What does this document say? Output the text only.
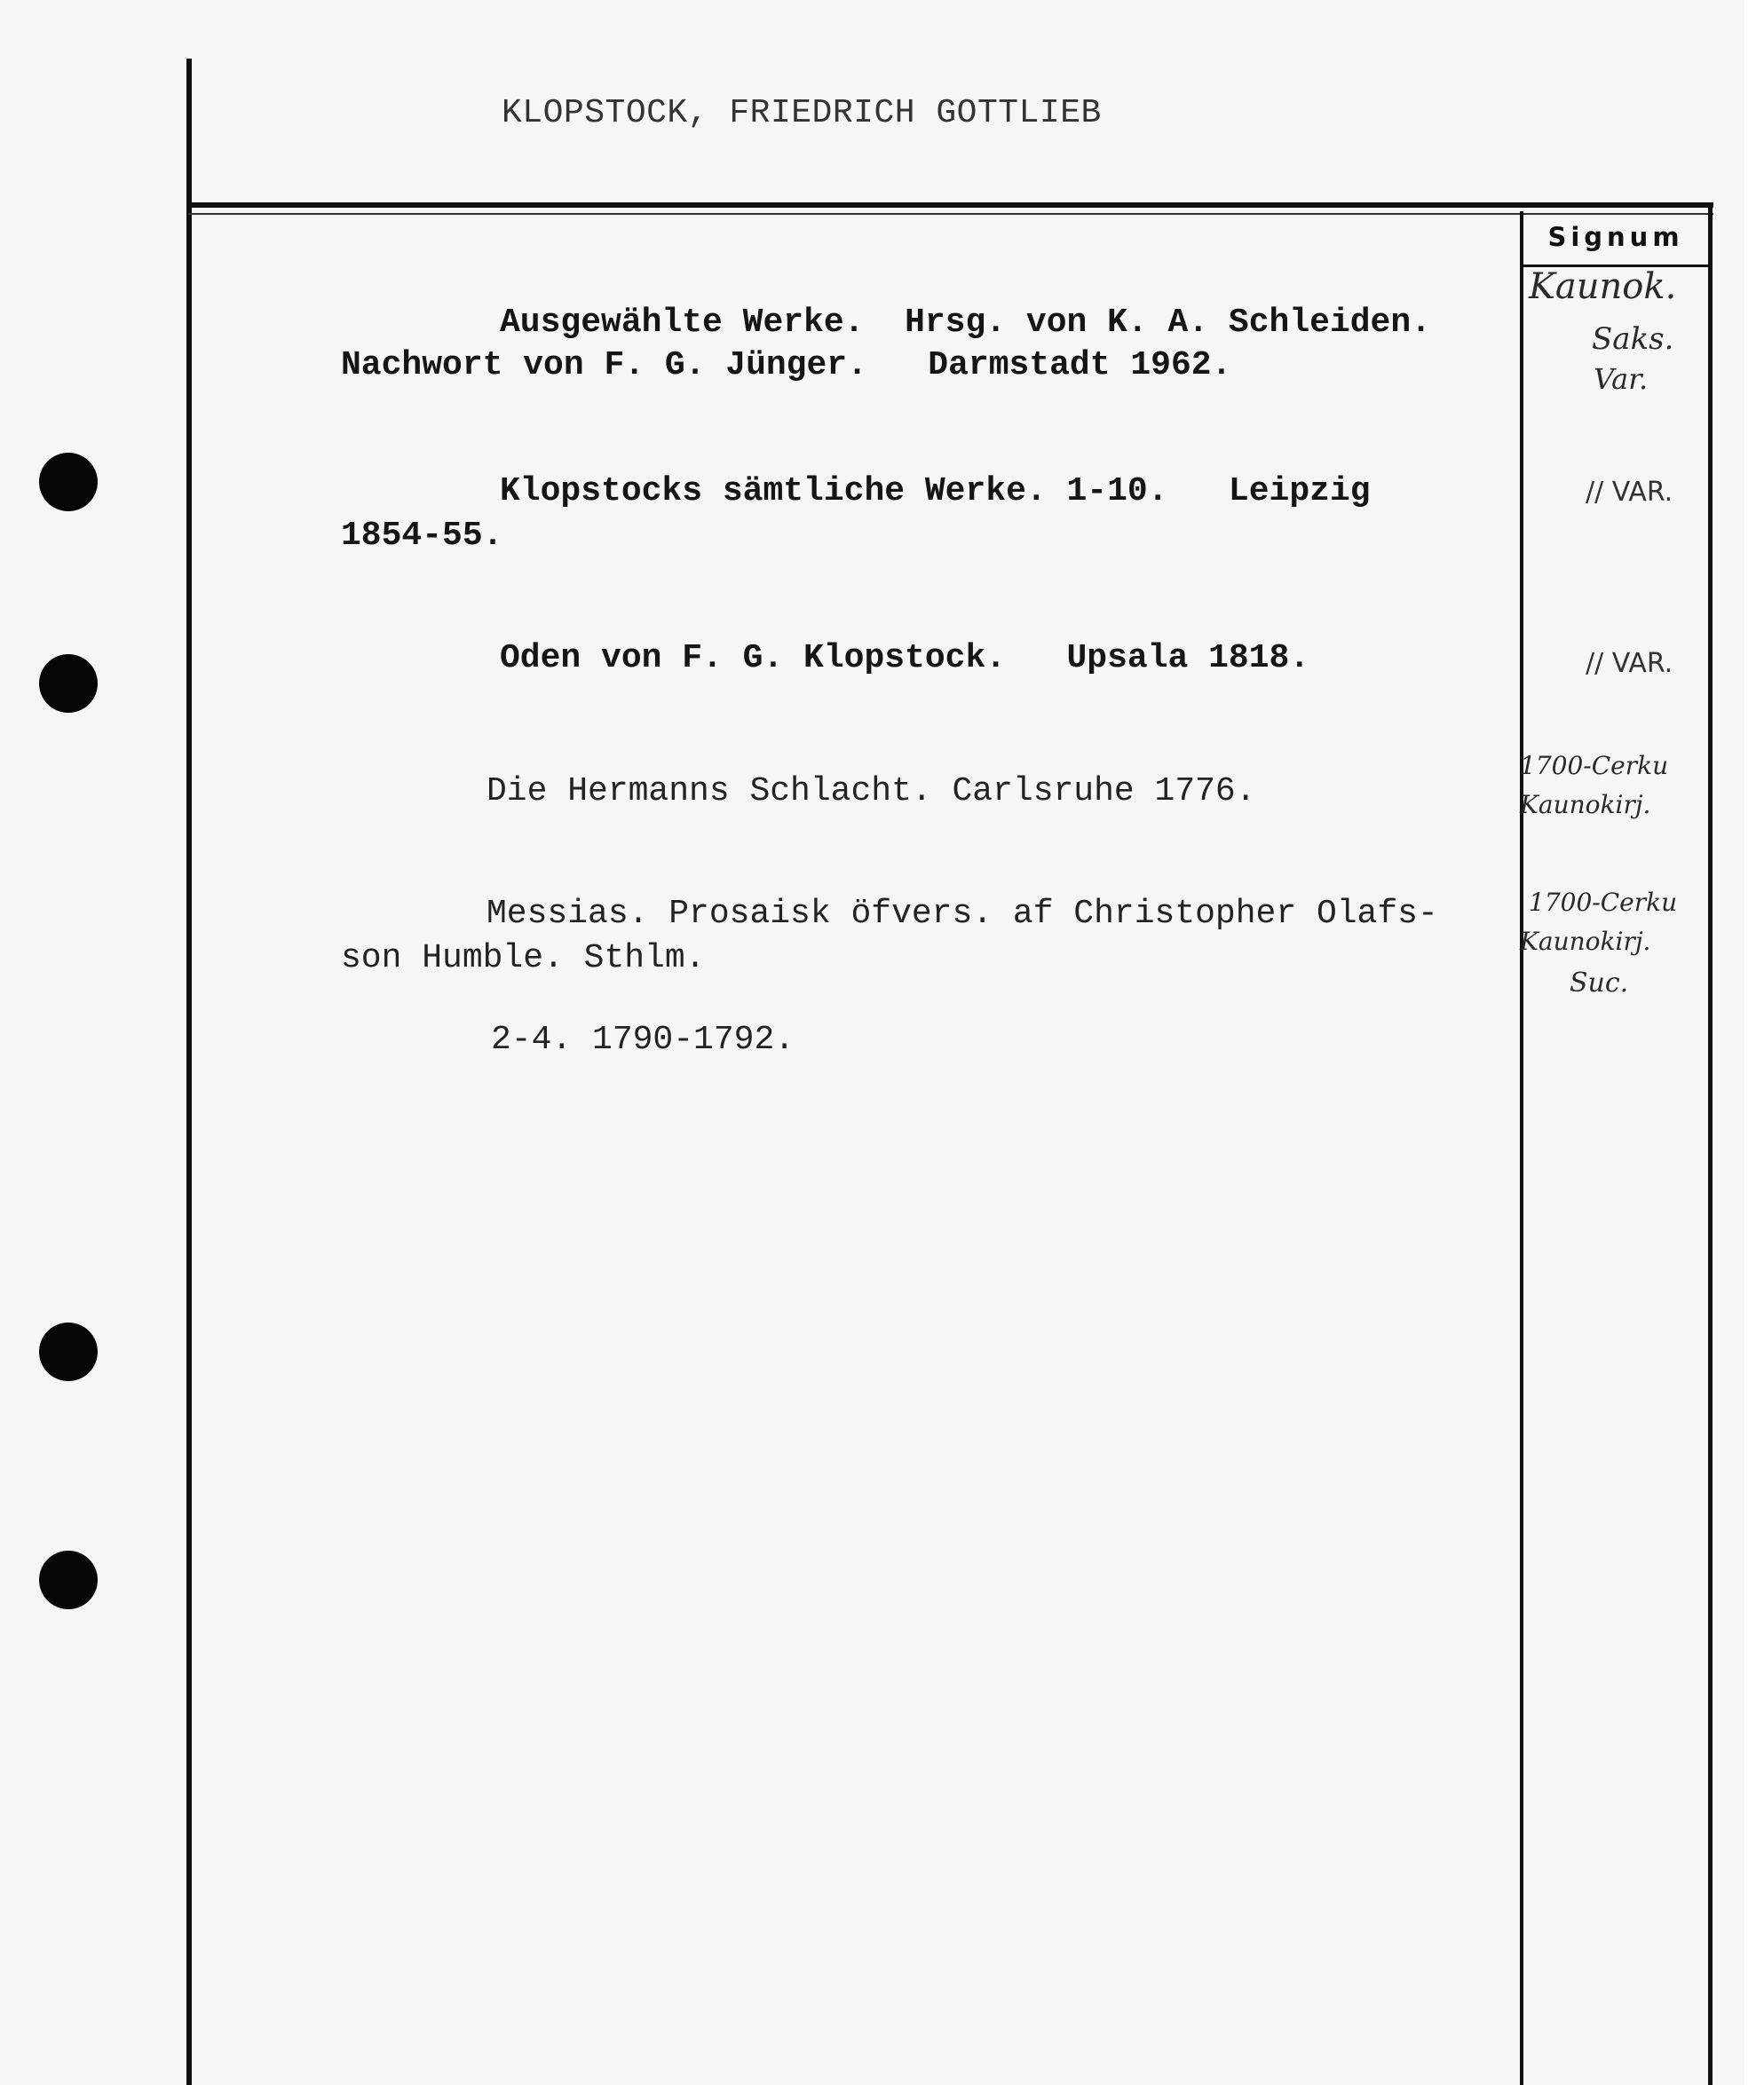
Signum
KLOPSTOCK, FRIEDRICH GOTTLIEB
Ausgewählte Werke.  Hrsg. von K. A. Schleiden.
Nachwort von F. G. Jünger.   Darmstadt 1962.
Kaunok.
Saks.
Var.
Klopstocks sämtliche Werke. 1-10.   Leipzig
1854-55.
// VAR.
Oden von F. G. Klopstock.   Upsala 1818.	// VAR.
Die Hermanns Schlacht. Carlsruhe 1776.
1700-Cerku
Kaunokirj.
Messias. Prosaisk öfvers. af Christopher Olafs-
son Humble. Sthlm.
2-4. 1790-1792.
1700-Cerku
Kaunokirj.
Suc.
